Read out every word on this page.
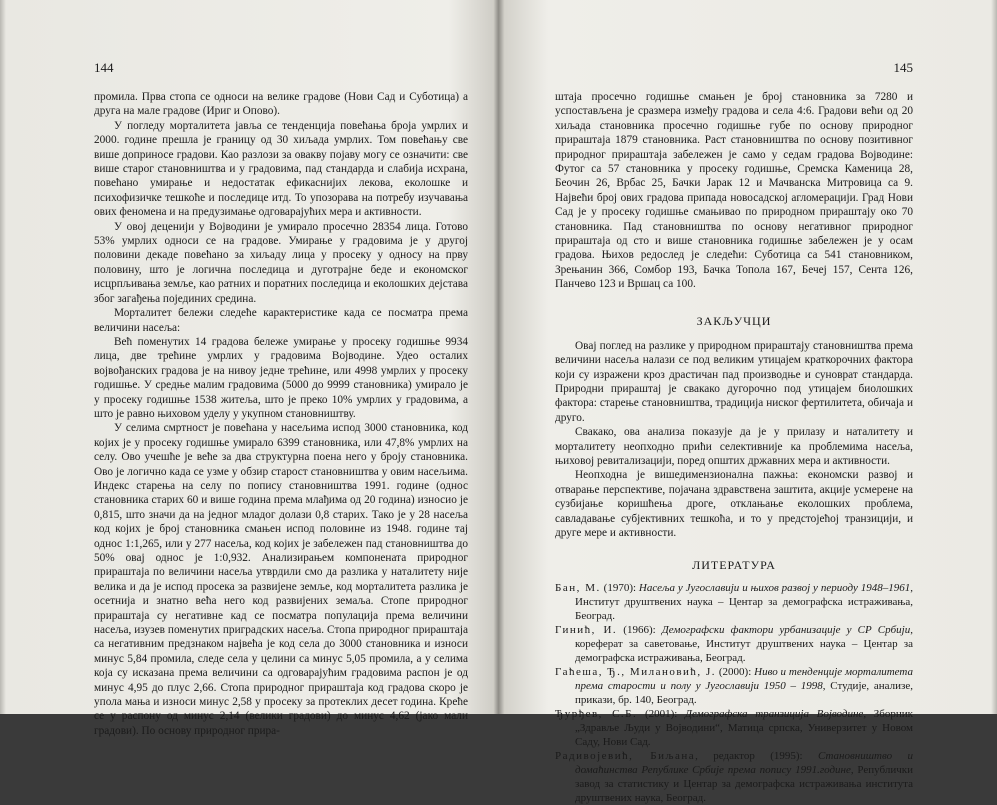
144

промила. Прва стопа се односи на велике градове (Нови Сад и Суботица) а друга на мале градове (Ириг и Опово).

У погледу морталитета јавља се тенденција повећања броја умрлих и 2000. године прешла је границу од 30 хиљада умрлих. Том повећању све више доприносе градови. Као разлози за овакву појаву могу се означити: све више старог становништва и у градовима, пад стандарда и слабија исхрана, повећано умирање и недостатак ефикаснијих лекова, еколошке и психофизичке тешкоће и последице итд. То упозорава на потребу изучавања ових феномена и на предузимање одговарајућих мера и активности.

У овој деценији у Војводини је умирало просечно 28354 лица. Готово 53% умрлих односи се на градове. Умирање у градовима је у другој половини декаде повећано за хиљаду лица у просеку у односу на прву половину, што је логична последица и дуготрајне беде и економског исцрпљивања земље, као ратних и поратних последица и еколошких дејстава због загађења појединих средина.

Морталитет бележи следеће карактеристике када се посматра према величини насеља:

Већ поменутих 14 градова бележе умирање у просеку годишње 9934 лица, две трећине умрлих у градовима Војводине. Удео осталих војвођанских градова је на нивоу једне трећине, или 4998 умрлих у просеку годишње. У средње малим градовима (5000 до 9999 становника) умирало је у просеку годишње 1538 житеља, што је преко 10% умрлих у градовима, а што је равно њиховом уделу у укупном становништву.

У селима смртност је повећана у насељима испод 3000 становника, код којих је у просеку годишње умирало 6399 становника, или 47,8% умрлих на селу. Ово учешће је веће за два структурна поена него у броју становника. Ово је логично када се узме у обзир старост становништва у овим насељима. Индекс старења на селу по попису становништва 1991. године (однос становника старих 60 и више година према млађима од 20 година) износио је 0,815, што значи да на једног младог долази 0,8 старих. Тако је у 28 насеља код којих је број становника смањен испод половине из 1948. године тај однос 1:1,265, или у 277 насеља, код којих је забележен пад становништва до 50% овај однос је 1:0,932. Анализирањем компонената природног прираштаја по величини насеља утврдили смо да разлика у наталитету није велика и да је испод просека за развијене земље, код морталитета разлика је осетнија и знатно већа него код развијених земаља. Стопе природног прираштаја су негативне кад се посматра популација према величини насеља, изузев поменутих приградских насеља. Стопа природног прираштаја са негативним предзнаком највећа је код села до 3000 становника и износи минус 5,84 промила, следе села у целини са минус 5,05 промила, а у селима која су исказана према величини са одговарајућим градовима распон је од минус 4,95 до плус 2,66. Стопа природног прираштаја код градова скоро је упола мања и износи минус 2,58 у просеку за протеклих десет година. Креће се у распону од минус 2,14 (велики градови) до минус 4,62 (јако мали градови). По основу природног прира-

145

штаја просечно годишње смањен је број становника за 7280 и успостављена је сразмера између градова и села 4:6. Градови већи од 20 хиљада становника просечно годишње губе по основу природног прираштаја 1879 становника. Раст становништва по основу позитивног природног прираштаја забележен је само у седам градова Војводине: Футог са 57 становника у просеку годишње, Сремска Каменица 28, Беочин 26, Врбас 25, Бачки Јарак 12 и Мачванска Митровица са 9. Највећи број ових градова припада новосадској агломерацији. Град Нови Сад је у просеку годишње смањивао по природном прираштају око 70 становника. Пад становништва по основу негативног природног прираштаја од сто и више становника годишње забележен је у осам градова. Њихов редослед је следећи: Суботица са 541 становником, Зрењанин 366, Сомбор 193, Бачка Топола 167, Бечеј 157, Сента 126, Панчево 123 и Вршац са 100.

ЗАКЉУЧЦИ

Овај поглед на разлике у природном прираштају становништва према величини насеља налази се под великим утицајем краткорочних фактора који су изражени кроз драстичан пад производње и суноврат стандарда. Природни прираштај је свакако дугорочно под утицајем биолошких фактора: старење становништва, традиција ниског фертилитета, обичаја и друго.

Свакако, ова анализа показује да је у прилазу и наталитету и морталитету неопходно прићи селективније ка проблемима насеља, њиховој ревитализацији, поред општих државних мера и активности.

Неопходна је вишедимензионална пажња: економски развој и отварање перспективе, појачана здравствена заштита, акције усмерене на сузбијање коришћења дроге, отклањање еколошких проблема, савладавање субјективних тешкоћа, и то у предстојећој транзицији, и друге мере и активности.

ЛИТЕРАТУРА
Бан, М. (1970): Насеља у Југославији и њихов развој у периоду 1948–1961, Институт друштвених наука – Центар за демографска истраживања, Београд.
Гинић, И. (1966): Демографски фактори урбанизације у СР Србији, кореферат за саветовање, Институт друштвених наука – Центар за демографска истраживања, Београд.
Гаћеша, Ђ., Милановић, Ј. (2000): Ниво и тенденције морталитета према старости и полу у Југославији 1950 – 1998, Студије, анализе, прикази, бр. 140, Београд.
Ђурђев, С.Б. (2001): Демографска транзиција Војводине, Зборник „Здравље Људи у Војводини“, Матица српска, Универзитет у Новом Саду, Нови Сад.
Радивојевић, Биљана, редактор (1995): Становништво и домаћинства Републике Србије према попису 1991.године, Републички завод за статистику и Центар за демографска истраживања института друштвених наука, Београд.
